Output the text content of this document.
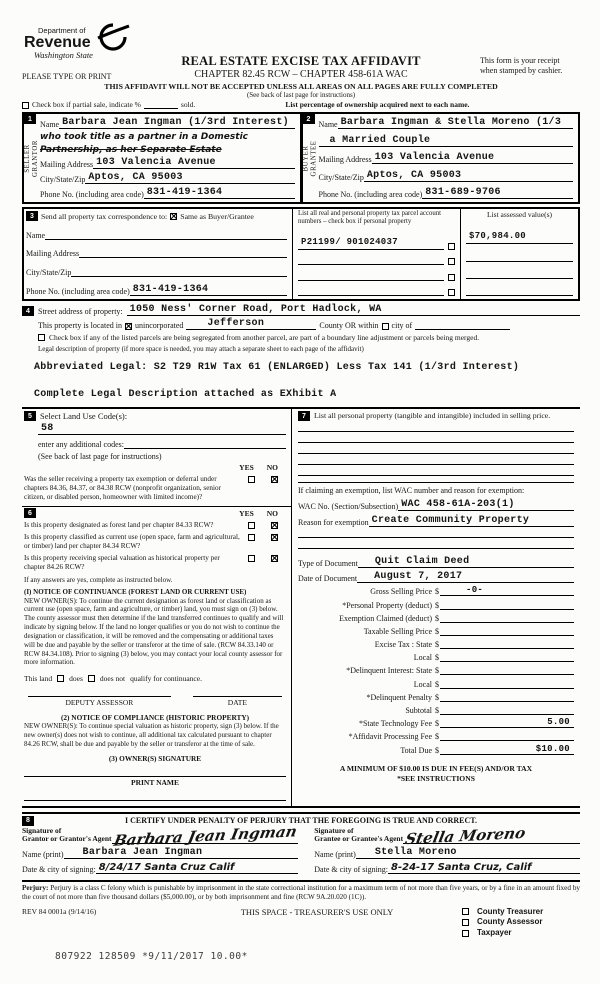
Department of
Revenue
Washington State	REAL ESTATE EXCISE TAX AFFIDAVIT
CHAPTER 82.45 RCW – CHAPTER 458-61A WAC
This form is your receipt
when stamped by cashier.
PLEASE TYPE OR PRINT
THIS AFFIDAVIT WILL NOT BE ACCEPTED UNLESS ALL AREAS ON ALL PAGES ARE FULLY COMPLETED
(See back of last page for instructions)
Check box if partial sale, indicate %	sold.	List percentage of ownership acquired next to each name.
1
SELLER GRANTOR
Name Barbara Jean Ingman (1/3rd Interest)
who took title as a partner in a Domestic
Partnership, as her Separate Estate
Mailing Address 103 Valencia Avenue
City/State/Zip Aptos, CA 95003
Phone No. (including area code) 831-419-1364
2
BUYER GRANTEE
Name Barbara Ingman & Stella Moreno (1/3
a Married Couple
Mailing Address 103 Valencia Avenue
City/State/Zip Aptos, CA 95003
Phone No. (including area code) 831-689-9706
3 Send all property tax correspondence to: ✕ Same as Buyer/Grantee
Name
Mailing Address
City/State/Zip
Phone No. (including area code) 831-419-1364
List all real and personal property tax parcel account numbers – check box if personal property
P21199/ 901024037
List assessed value(s)
$70,984.00
4	Street address of property: 1050 Ness' Corner Road, Port Hadlock, WA
This property is located in ✕ unincorporated	Jefferson	County OR within city of
Check box if any of the listed parcels are being segregated from another parcel, are part of a boundary line adjustment or parcels being merged.
Legal description of property (if more space is needed, you may attach a separate sheet to each page of the affidavit)
Abbreviated Legal: S2 T29 R1W Tax 61 (ENLARGED) Less Tax 141 (1/3rd Interest)
Complete Legal Description attached as EXhibit A
5 Select Land Use Code(s):
58
enter any additional codes:
(See back of last page for instructions)
YES NO
Was the seller receiving a property tax exemption or deferral under chapters 84.36, 84.37, or 84.38 RCW (nonprofit organization, senior citizen, or disabled person, homeowner with limited income)?
✕
6	YES NO
Is this property designated as forest land per chapter 84.33 RCW?
✕
Is this property classified as current use (open space, farm and agricultural, or timber) land per chapter 84.34 RCW?
✕
Is this property receiving special valuation as historical property per chapter 84.26 RCW?
✕
If any answers are yes, complete as instructed below.
(I) NOTICE OF CONTINUANCE (FOREST LAND OR CURRENT USE)
NEW OWNER(S): To continue the current designation as forest land or classification as current use (open space, farm and agriculture, or timber) land, you must sign on (3) below. The county assessor must then determine if the land transferred continues to qualify and will indicate by signing below. If the land no longer qualifies or you do not wish to continue the designation or classification, it will be removed and the compensating or additional taxes will be due and payable by the seller or transferor at the time of sale. (RCW 84.33.140 or RCW 84.34.108). Prior to signing (3) below, you may contact your local county assessor for more information.
This land does does not qualify for continuance.
DEPUTY ASSESSOR	DATE
(2) NOTICE OF COMPLIANCE (HISTORIC PROPERTY)
NEW OWNER(S): To continue special valuation as historic property, sign (3) below. If the new owner(s) does not wish to continue, all additional tax calculated pursuant to chapter 84.26 RCW, shall be due and payable by the seller or transferor at the time of sale.
(3) OWNER(S) SIGNATURE
PRINT NAME
7	List all personal property (tangible and intangible) included in selling price.
If claiming an exemption, list WAC number and reason for exemption:
WAC No. (Section/Subsection) WAC 458-61A-203(1)
Reason for exemption Create Community Property
Type of Document	Quit Claim Deed
Date of Document	August 7, 2017
Gross Selling Price $	-0-
*Personal Property (deduct) $
Exemption Claimed (deduct) $
Taxable Selling Price $
Excise Tax : State $
Local $
*Delinquent Interest: State $
Local $
*Delinquent Penalty $
Subtotal $
*State Technology Fee $	5.00
*Affidavit Processing Fee $
Total Due $	$10.00
A MINIMUM OF $10.00 IS DUE IN FEE(S) AND/OR TAX
*SEE INSTRUCTIONS
8	I CERTIFY UNDER PENALTY OF PERJURY THAT THE FOREGOING IS TRUE AND CORRECT.
Signature of
Grantor or Grantor's Agent Barbara Jean Ingman
Name (print)	Barbara Jean Ingman
Date & city of signing: 8/24/17 Santa Cruz Calif
Signature of
Grantee or Grantee's Agent Stella Moreno
Name (print)	Stella Moreno
Date & city of signing: 8-24-17 Santa Cruz, Calif
Perjury: Perjury is a class C felony which is punishable by imprisonment in the state correctional institution for a maximum term of not more than five years, or by a fine in an amount fixed by the court of not more than five thousand dollars ($5,000.00), or by both imprisonment and fine (RCW 9A.20.020 (1C)).
REV 84 0001a (9/14/16)	THIS SPACE - TREASURER'S USE ONLY	County Treasurer
County Assessor
Taxpayer
807922 128509 *9/11/2017 10.00*
